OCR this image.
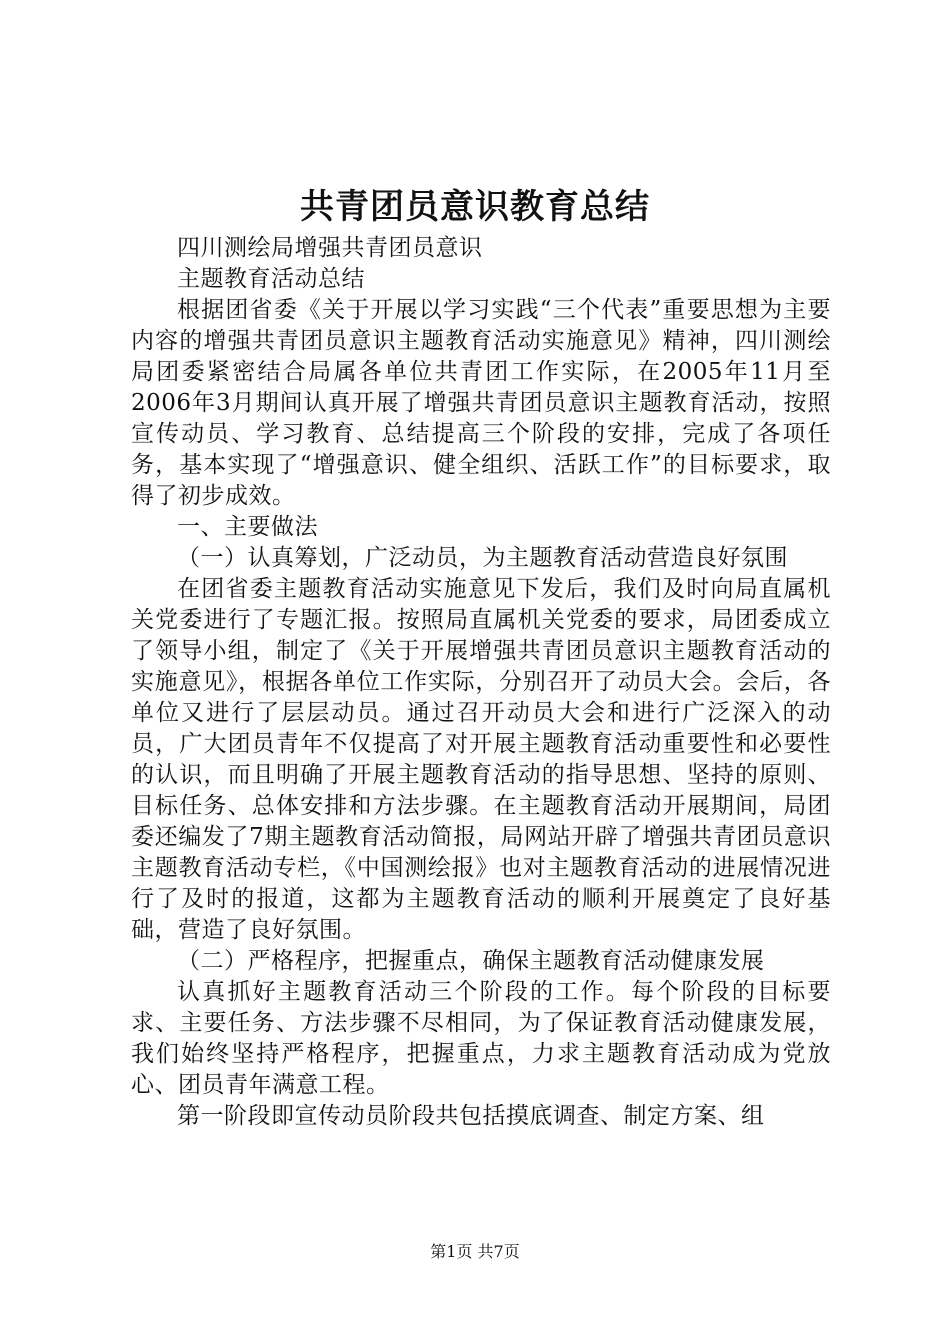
共青团员意识教育总结

四川测绘局增强共青团员意识

主题教育活动总结

根据团省委《关于开展以学习实践“三个代表”重要思想为主要内容的增强共青团员意识主题教育活动实施意见》精神，四川测绘局团委紧密结合局属各单位共青团工作实际，在2005年11月至2006年3月期间认真开展了增强共青团员意识主题教育活动，按照宣传动员、学习教育、总结提高三个阶段的安排，完成了各项任务，基本实现了“增强意识、健全组织、活跃工作”的目标要求，取得了初步成效。

一、主要做法

（一）认真筹划，广泛动员，为主题教育活动营造良好氛围

在团省委主题教育活动实施意见下发后，我们及时向局直属机关党委进行了专题汇报。按照局直属机关党委的要求，局团委成立了领导小组，制定了《关于开展增强共青团员意识主题教育活动的实施意见》，根据各单位工作实际，分别召开了动员大会。会后，各单位又进行了层层动员。通过召开动员大会和进行广泛深入的动员，广大团员青年不仅提高了对开展主题教育活动重要性和必要性的认识，而且明确了开展主题教育活动的指导思想、坚持的原则、目标任务、总体安排和方法步骤。在主题教育活动开展期间，局团委还编发了7期主题教育活动简报，局网站开辟了增强共青团员意识主题教育活动专栏，《中国测绘报》也对主题教育活动的进展情况进行了及时的报道，这都为主题教育活动的顺利开展奠定了良好基础，营造了良好氛围。

（二）严格程序，把握重点，确保主题教育活动健康发展

认真抓好主题教育活动三个阶段的工作。每个阶段的目标要求、主要任务、方法步骤不尽相同，为了保证教育活动健康发展，我们始终坚持严格程序，把握重点，力求主题教育活动成为党放心、团员青年满意工程。

第一阶段即宣传动员阶段共包括摸底调查、制定方案、组

第1页 共7页
